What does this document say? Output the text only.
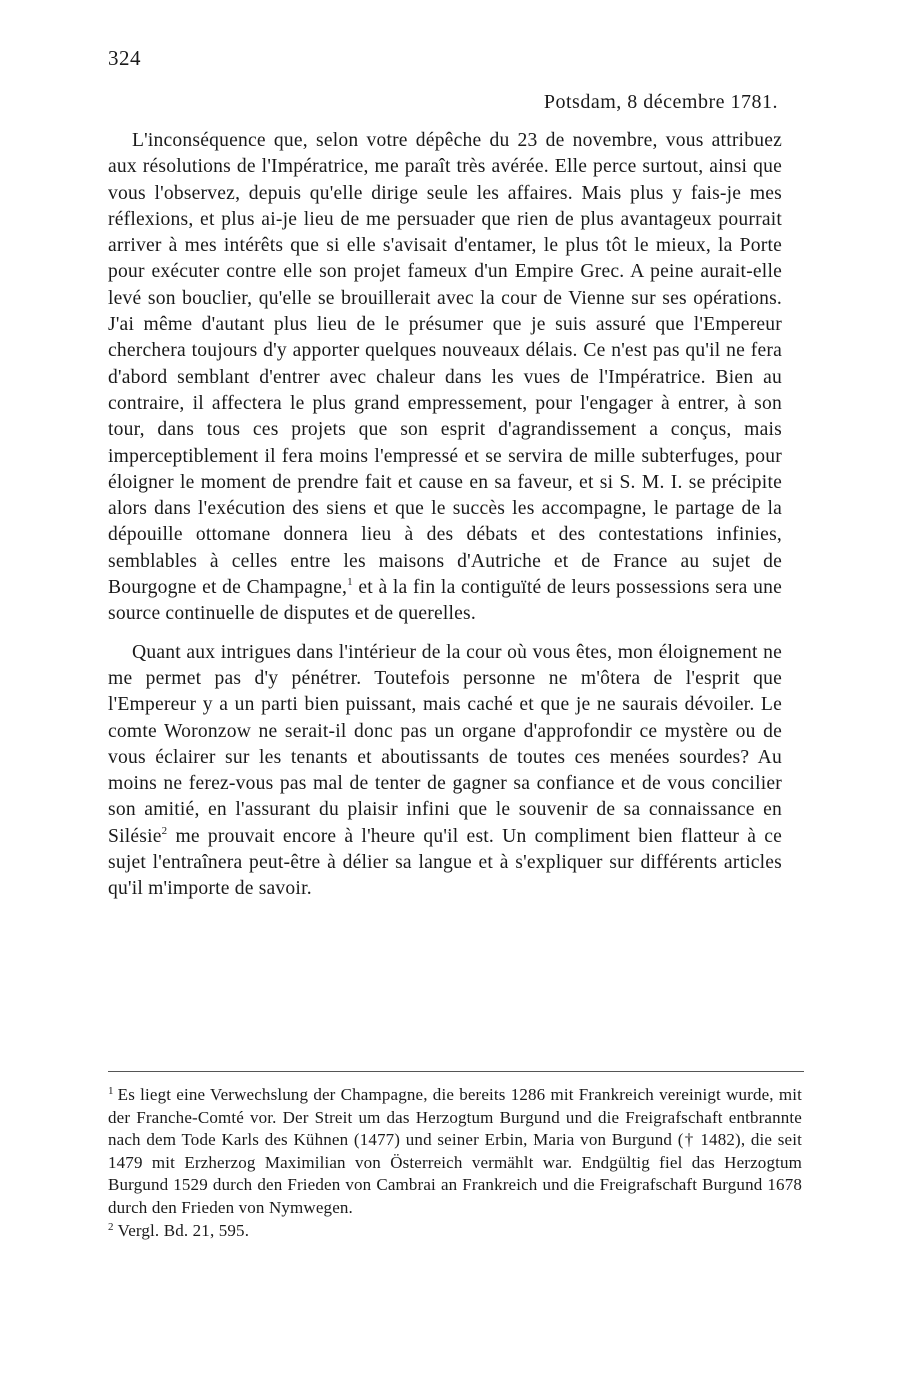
324
Potsdam, 8 décembre 1781.

L'inconséquence que, selon votre dépêche du 23 de novembre, vous attribuez aux résolutions de l'Impératrice, me paraît très avérée. Elle perce surtout, ainsi que vous l'observez, depuis qu'elle dirige seule les affaires. Mais plus y fais-je mes réflexions, et plus ai-je lieu de me persuader que rien de plus avantageux pourrait arriver à mes intérêts que si elle s'avisait d'entamer, le plus tôt le mieux, la Porte pour exécuter contre elle son projet fameux d'un Empire Grec. A peine aurait-elle levé son bouclier, qu'elle se brouillerait avec la cour de Vienne sur ses opérations. J'ai même d'autant plus lieu de le présumer que je suis assuré que l'Empereur cherchera toujours d'y apporter quelques nouveaux délais. Ce n'est pas qu'il ne fera d'abord semblant d'entrer avec chaleur dans les vues de l'Impératrice. Bien au contraire, il affectera le plus grand empressement, pour l'engager à entrer, à son tour, dans tous ces projets que son esprit d'agrandissement a conçus, mais imperceptiblement il fera moins l'empressé et se servira de mille subterfuges, pour éloigner le moment de prendre fait et cause en sa faveur, et si S. M. I. se précipite alors dans l'exécution des siens et que le succès les accompagne, le partage de la dépouille ottomane donnera lieu à des débats et des contestations infinies, semblables à celles entre les maisons d'Autriche et de France au sujet de Bourgogne et de Champagne,$^1$ et à la fin la contiguïté de leurs possessions sera une source continuelle de disputes et de querelles.

Quant aux intrigues dans l'intérieur de la cour où vous êtes, mon éloignement ne me permet pas d'y pénétrer. Toutefois personne ne m'ôtera de l'esprit que l'Empereur y a un parti bien puissant, mais caché et que je ne saurais dévoiler. Le comte Woronzow ne serait-il donc pas un organe d'approfondir ce mystère ou de vous éclairer sur les tenants et aboutissants de toutes ces menées sourdes? Au moins ne ferez-vous pas mal de tenter de gagner sa confiance et de vous concilier son amitié, en l'assurant du plaisir infini que le souvenir de sa connaissance en Silésie$^2$ me prouvait encore à l'heure qu'il est. Un compliment bien flatteur à ce sujet l'entraînera peut-être à délier sa langue et à s'expliquer sur différents articles qu'il m'importe de savoir.

$^1$ Es liegt eine Verwechslung der Champagne, die bereits 1286 mit Frankreich vereinigt wurde, mit der Franche-Comté vor. Der Streit um das Herzogtum Burgund und die Freigrafschaft entbrannte nach dem Tode Karls des Kühnen (1477) und seiner Erbin, Maria von Burgund († 1482), die seit 1479 mit Erzherzog Maximilian von Österreich vermählt war. Endgültig fiel das Herzogtum Burgund 1529 durch den Frieden von Cambrai an Frankreich und die Freigrafschaft Burgund 1678 durch den Frieden von Nymwegen.

$^2$ Vergl. Bd. 21, 595.
